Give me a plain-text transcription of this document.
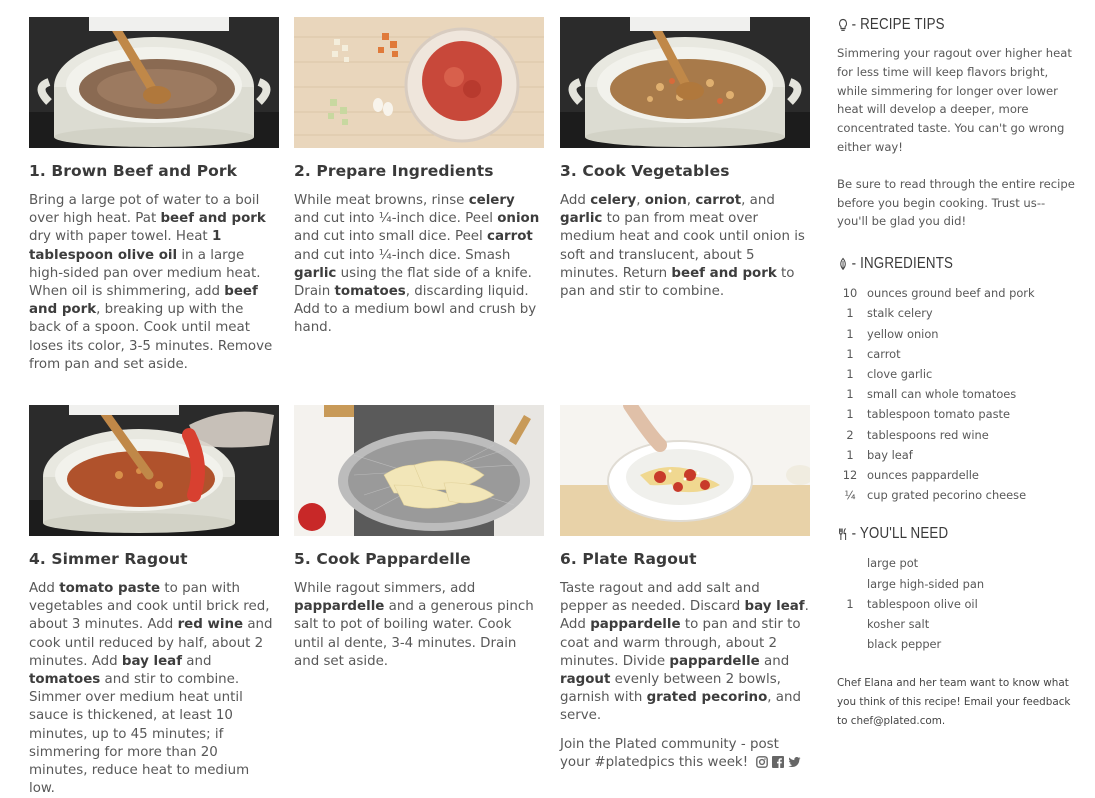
1. Brown Beef and Pork

Bring a large pot of water to a boil over high heat. Pat beef and pork dry with paper towel. Heat 1 tablespoon olive oil in a large high-sided pan over medium heat. When oil is shimmering, add beef and pork, breaking up with the back of a spoon. Cook until meat loses its color, 3-5 minutes. Remove from pan and set aside.

2. Prepare Ingredients

While meat browns, rinse celery and cut into ¼-inch dice. Peel onion and cut into small dice. Peel carrot and cut into ¼-inch dice. Smash garlic using the flat side of a knife. Drain tomatoes, discarding liquid. Add to a medium bowl and crush by hand.

3. Cook Vegetables

Add celery, onion, carrot, and garlic to pan from meat over medium heat and cook until onion is soft and translucent, about 5 minutes. Return beef and pork to pan and stir to combine.

4. Simmer Ragout

Add tomato paste to pan with vegetables and cook until brick red, about 3 minutes. Add red wine and cook until reduced by half, about 2 minutes. Add bay leaf and tomatoes and stir to combine. Simmer over medium heat until sauce is thickened, at least 10 minutes, up to 45 minutes; if simmering for more than 20 minutes, reduce heat to medium low.

5. Cook Pappardelle

While ragout simmers, add pappardelle and a generous pinch salt to pot of boiling water. Cook until al dente, 3-4 minutes. Drain and set aside.

6. Plate Ragout

Taste ragout and add salt and pepper as needed. Discard bay leaf. Add pappardelle to pan and stir to coat and warm through, about 2 minutes. Divide pappardelle and ragout evenly between 2 bowls, garnish with grated pecorino, and serve.

Join the Plated community - post your #platedpics this week!
- RECIPE TIPS

Simmering your ragout over higher heat for less time will keep flavors bright, while simmering for longer over lower heat will develop a deeper, more concentrated taste. You can't go wrong either way!

Be sure to read through the entire recipe before you begin cooking. Trust us-- you'll be glad you did!

- INGREDIENTS
10 ounces ground beef and pork
1	stalk celery
1	yellow onion
1	carrot
1	clove garlic
1	small can whole tomatoes
1	tablespoon tomato paste
2	tablespoons red wine
1	bay leaf
12 ounces pappardelle
¼	cup grated pecorino cheese
- YOU'LL NEED
large pot
large high-sided pan
1	tablespoon olive oil
kosher salt
black pepper

Chef Elana and her team want to know what you think of this recipe! Email your feedback to chef@plated.com.
